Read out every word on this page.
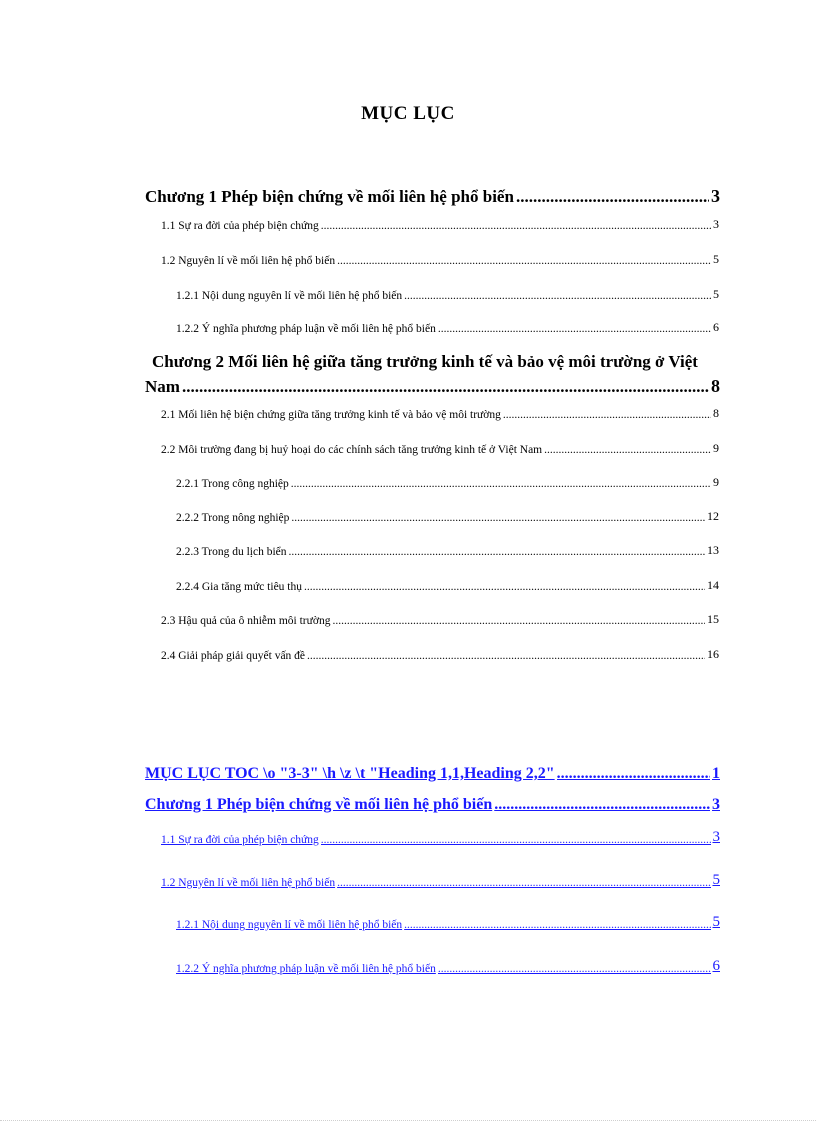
MỤC LỤC
Chương 1 Phép biện chứng về mối liên hệ phổ biến .....	3
1.1 Sự ra đời của phép biện chứng .....	3
1.2 Nguyên lí về mối liên hệ phổ biến .....	5
1.2.1 Nội dung nguyên lí về mối liên hệ phổ biến .....	5
1.2.2 Ý nghĩa phương pháp luận về mối liên hệ phổ biến .....	6
Chương 2 Mối liên hệ giữa tăng trưởng kinh tế và bảo vệ môi trường ở Việt
Nam .....	8
2.1 Mối liên hệ biện chứng giữa tăng trưởng kinh tế và bảo vệ môi trường .....	8
2.2 Môi trường đang bị huỷ hoại do các chính sách tăng trưởng kinh tế ở Việt Nam .....	9
2.2.1 Trong công nghiệp .....	9
2.2.2 Trong nông nghiệp .....	12
2.2.3 Trong du lịch biển .....	13
2.2.4 Gia tăng mức tiêu thụ .....	14
2.3 Hậu quả của ô nhiễm môi trường .....	15
2.4 Giải pháp giải quyết vấn đề .....	16
MỤC LỤC TOC \o "3-3" \h \z \t "Heading 1,1,Heading 2,2" .....	1
Chương 1 Phép biện chứng về mối liên hệ phổ biến .....	3
1.1 Sự ra đời của phép biện chứng .....	3
1.2 Nguyên lí về mối liên hệ phổ biến .....	5
1.2.1 Nội dung nguyên lí về mối liên hệ phổ biến .....	5
1.2.2 Ý nghĩa phương pháp luận về mối liên hệ phổ biến .....	6
